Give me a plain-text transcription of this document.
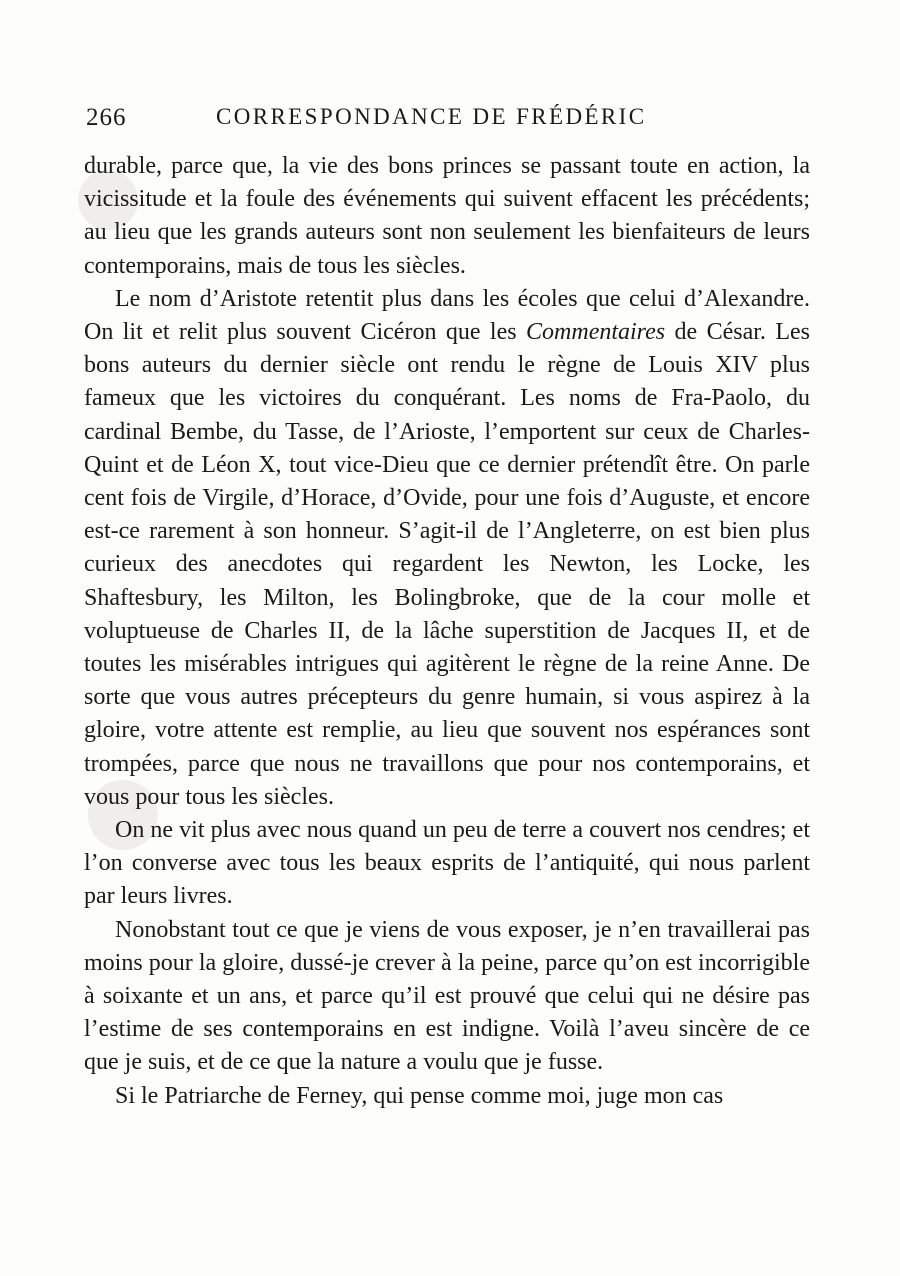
266	CORRESPONDANCE DE FRÉDÉRIC

durable, parce que, la vie des bons princes se passant toute en action, la vicissitude et la foule des événements qui suivent effacent les précédents; au lieu que les grands auteurs sont non seulement les bienfaiteurs de leurs contemporains, mais de tous les siècles.

Le nom d’Aristote retentit plus dans les écoles que celui d’Alexandre. On lit et relit plus souvent Cicéron que les Commentaires de César. Les bons auteurs du dernier siècle ont rendu le règne de Louis XIV plus fameux que les victoires du conquérant. Les noms de Fra-Paolo, du cardinal Bembe, du Tasse, de l’Arioste, l’emportent sur ceux de Charles-Quint et de Léon X, tout vice-Dieu que ce dernier prétendît être. On parle cent fois de Virgile, d’Horace, d’Ovide, pour une fois d’Auguste, et encore est-ce rarement à son honneur. S’agit-il de l’Angleterre, on est bien plus curieux des anecdotes qui regardent les Newton, les Locke, les Shaftesbury, les Milton, les Bolingbroke, que de la cour molle et voluptueuse de Charles II, de la lâche superstition de Jacques II, et de toutes les misérables intrigues qui agitèrent le règne de la reine Anne. De sorte que vous autres précepteurs du genre humain, si vous aspirez à la gloire, votre attente est remplie, au lieu que souvent nos espérances sont trompées, parce que nous ne travaillons que pour nos contemporains, et vous pour tous les siècles.

On ne vit plus avec nous quand un peu de terre a couvert nos cendres; et l’on converse avec tous les beaux esprits de l’antiquité, qui nous parlent par leurs livres.

Nonobstant tout ce que je viens de vous exposer, je n’en travaillerai pas moins pour la gloire, dussé-je crever à la peine, parce qu’on est incorrigible à soixante et un ans, et parce qu’il est prouvé que celui qui ne désire pas l’estime de ses contemporains en est indigne. Voilà l’aveu sincère de ce que je suis, et de ce que la nature a voulu que je fusse.

Si le Patriarche de Ferney, qui pense comme moi, juge mon cas
